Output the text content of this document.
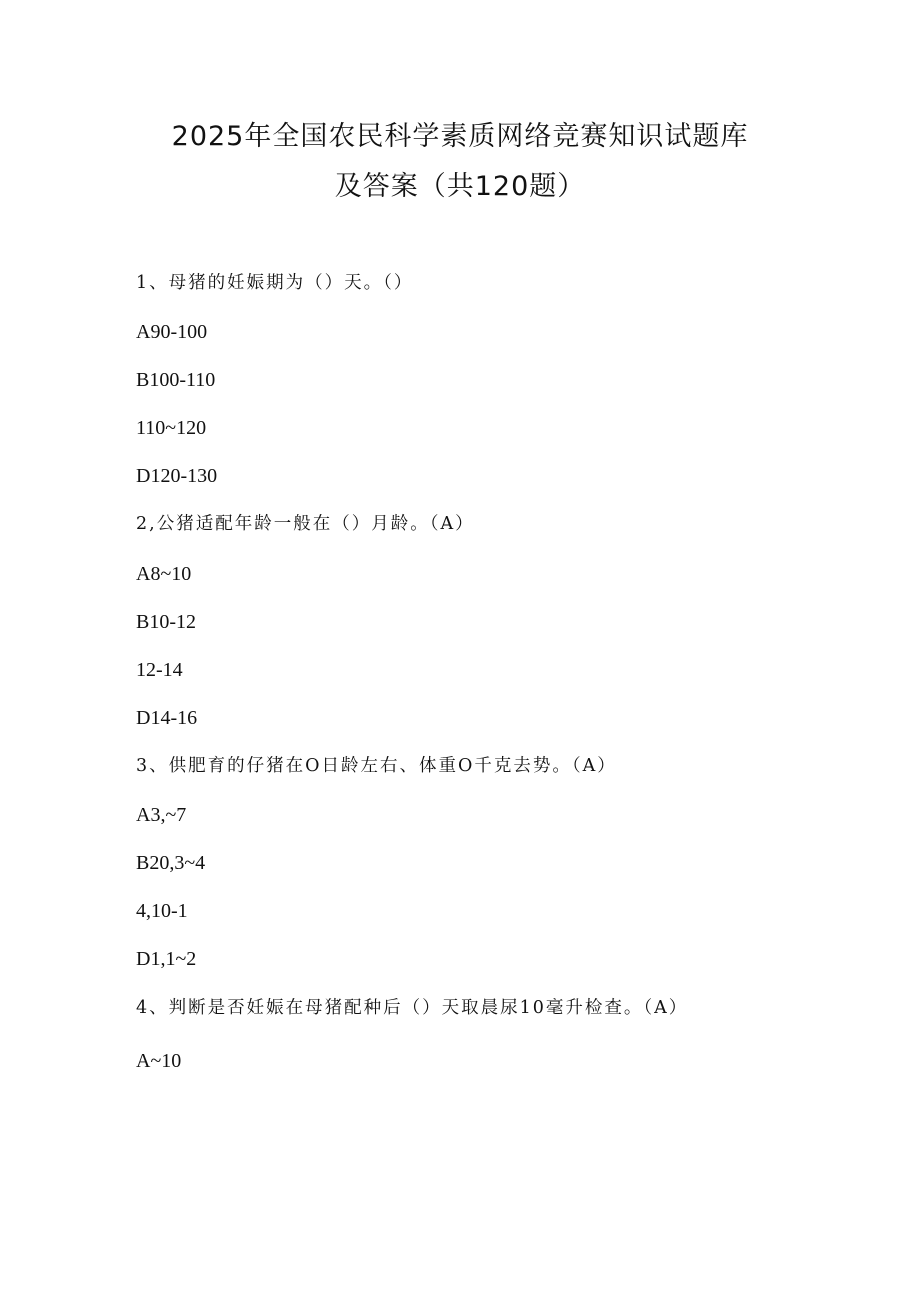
2025年全国农民科学素质网络竞赛知识试题库
及答案（共120题）
1、母猪的妊娠期为（）天。（）
A90-100
B100-110
110~120
D120-130
2,公猪适配年龄一般在（）月龄。（A）
A8~10
B10-12
12-14
D14-16
3、供肥育的仔猪在O日龄左右、体重O千克去势。（A）
A3,~7
B20,3~4
4,10-1
D1,1~2
4、判断是否妊娠在母猪配种后（）天取晨尿10毫升检查。（A）
A~10
